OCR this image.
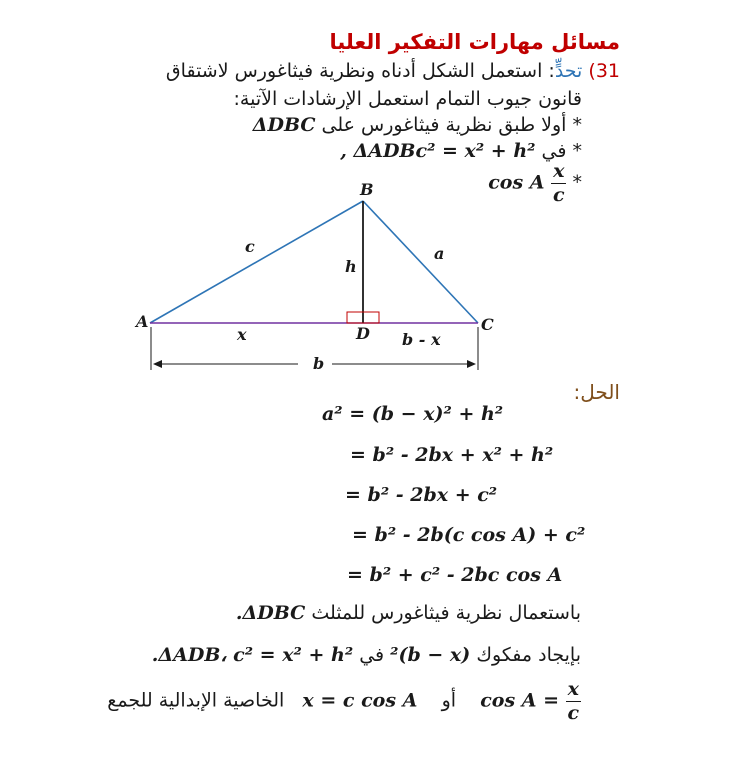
مسائل مهارات التفكير العليا
31) تحدٍّ: استعمل الشكل أدناه ونظرية فيثاغورس لاشتقاق
قانون جيوب التمام استعمل الإرشادات الآتية:
* أولا طبق نظرية فيثاغورس على ΔDBC
* في ΔADBc² = x² + h² ,
* cos A $\frac{x}{c}$
B
A	C
D
c	a
h
x	b - x
b
الحل:
a² = (b − x)² + h²
= b² - 2bx + x² + h²
= b² - 2bx + c²
= b² - 2b(c cos A) + c²
= b² + c² - 2bc cos A
باستعمال نظرية فيثاغورس للمثلث ΔDBC.
بإيجاد مفكوك (b − x)² في ΔADB، c² = x² + h².
$\cos A = \frac{x}{c}$
أو    x = c cos A   الخاصية الإبدالية للجمع
